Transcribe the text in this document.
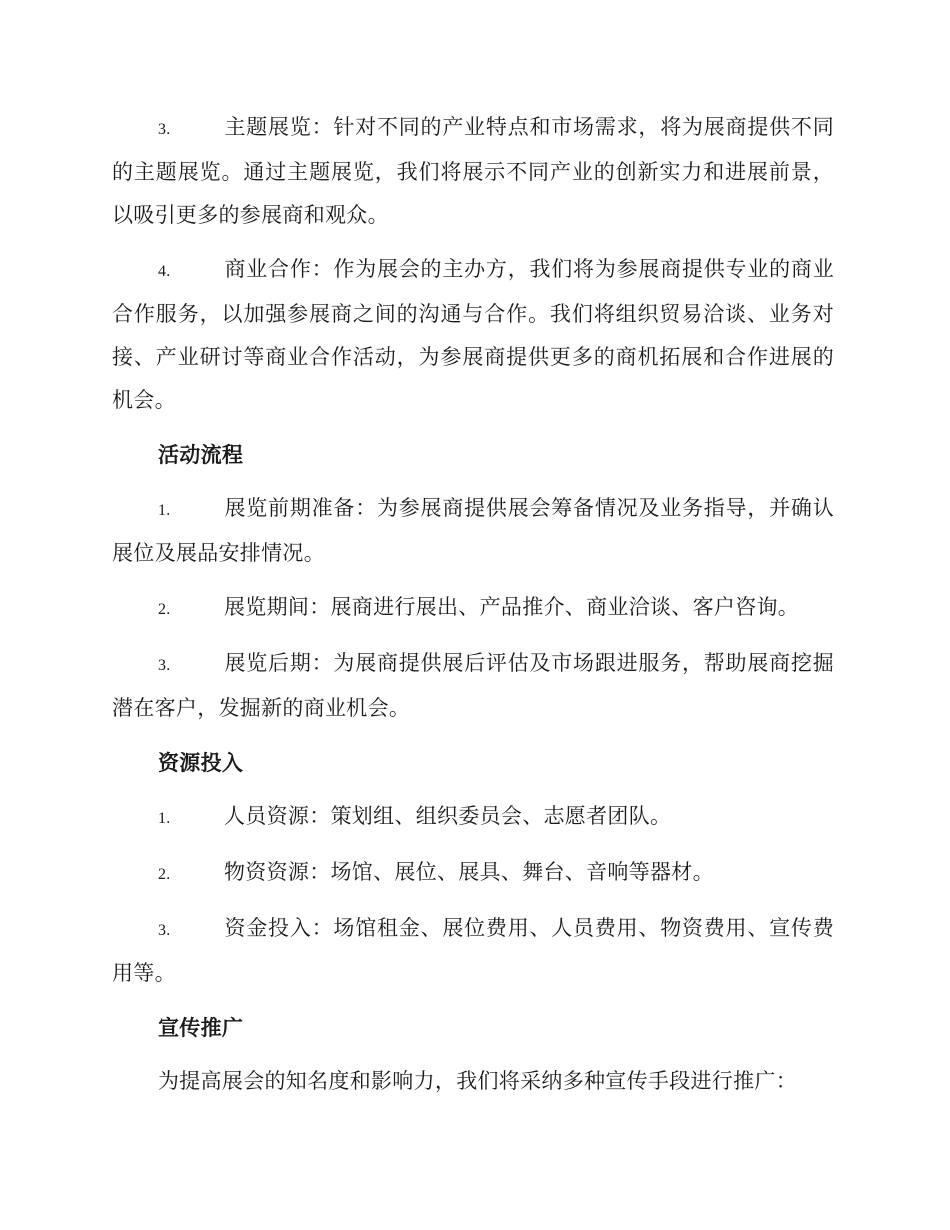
3.	主题展览：针对不同的产业特点和市场需求，将为展商提供不同的主题展览。通过主题展览，我们将展示不同产业的创新实力和进展前景，以吸引更多的参展商和观众。
4.	商业合作：作为展会的主办方，我们将为参展商提供专业的商业合作服务，以加强参展商之间的沟通与合作。我们将组织贸易洽谈、业务对接、产业研讨等商业合作活动，为参展商提供更多的商机拓展和合作进展的机会。
活动流程
1.	展览前期准备：为参展商提供展会筹备情况及业务指导，并确认展位及展品安排情况。
2.	展览期间：展商进行展出、产品推介、商业洽谈、客户咨询。
3.	展览后期：为展商提供展后评估及市场跟进服务，帮助展商挖掘潜在客户，发掘新的商业机会。
资源投入
1.	人员资源：策划组、组织委员会、志愿者团队。
2.	物资资源：场馆、展位、展具、舞台、音响等器材。
3.	资金投入：场馆租金、展位费用、人员费用、物资费用、宣传费用等。
宣传推广
为提高展会的知名度和影响力，我们将采纳多种宣传手段进行推广：
